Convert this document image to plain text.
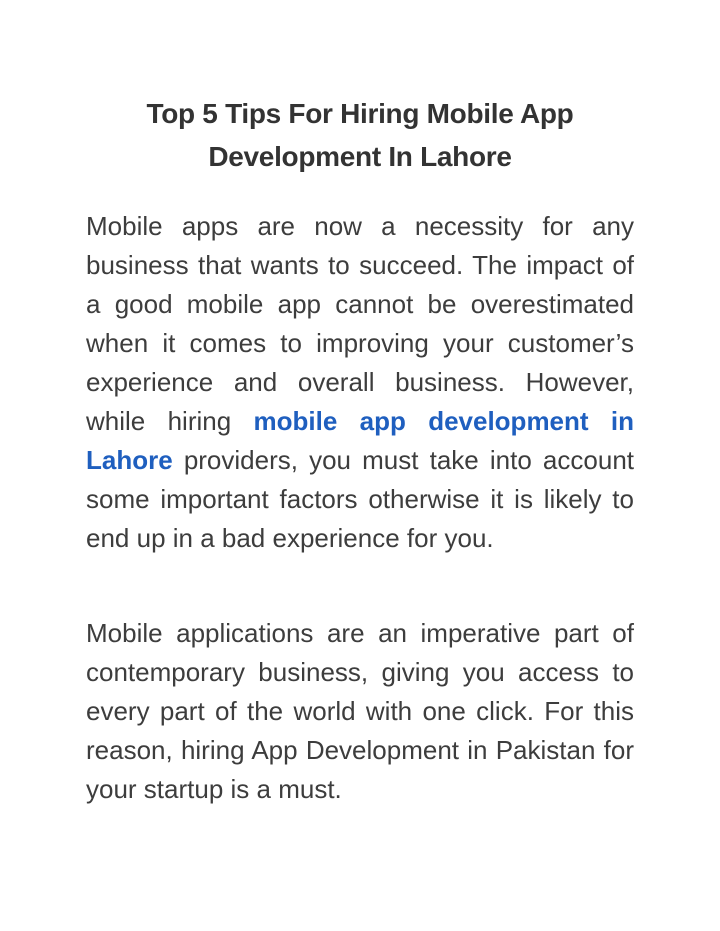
Top 5 Tips For Hiring Mobile App
Development In Lahore

Mobile apps are now a necessity for any business that wants to succeed. The impact of a good mobile app cannot be overestimated when it comes to improving your customer’s experience and overall business. However, while hiring mobile app development in Lahore providers, you must take into account some important factors otherwise it is likely to end up in a bad experience for you.

Mobile applications are an imperative part of contemporary business, giving you access to every part of the world with one click. For this reason, hiring App Development in Pakistan for your startup is a must.
